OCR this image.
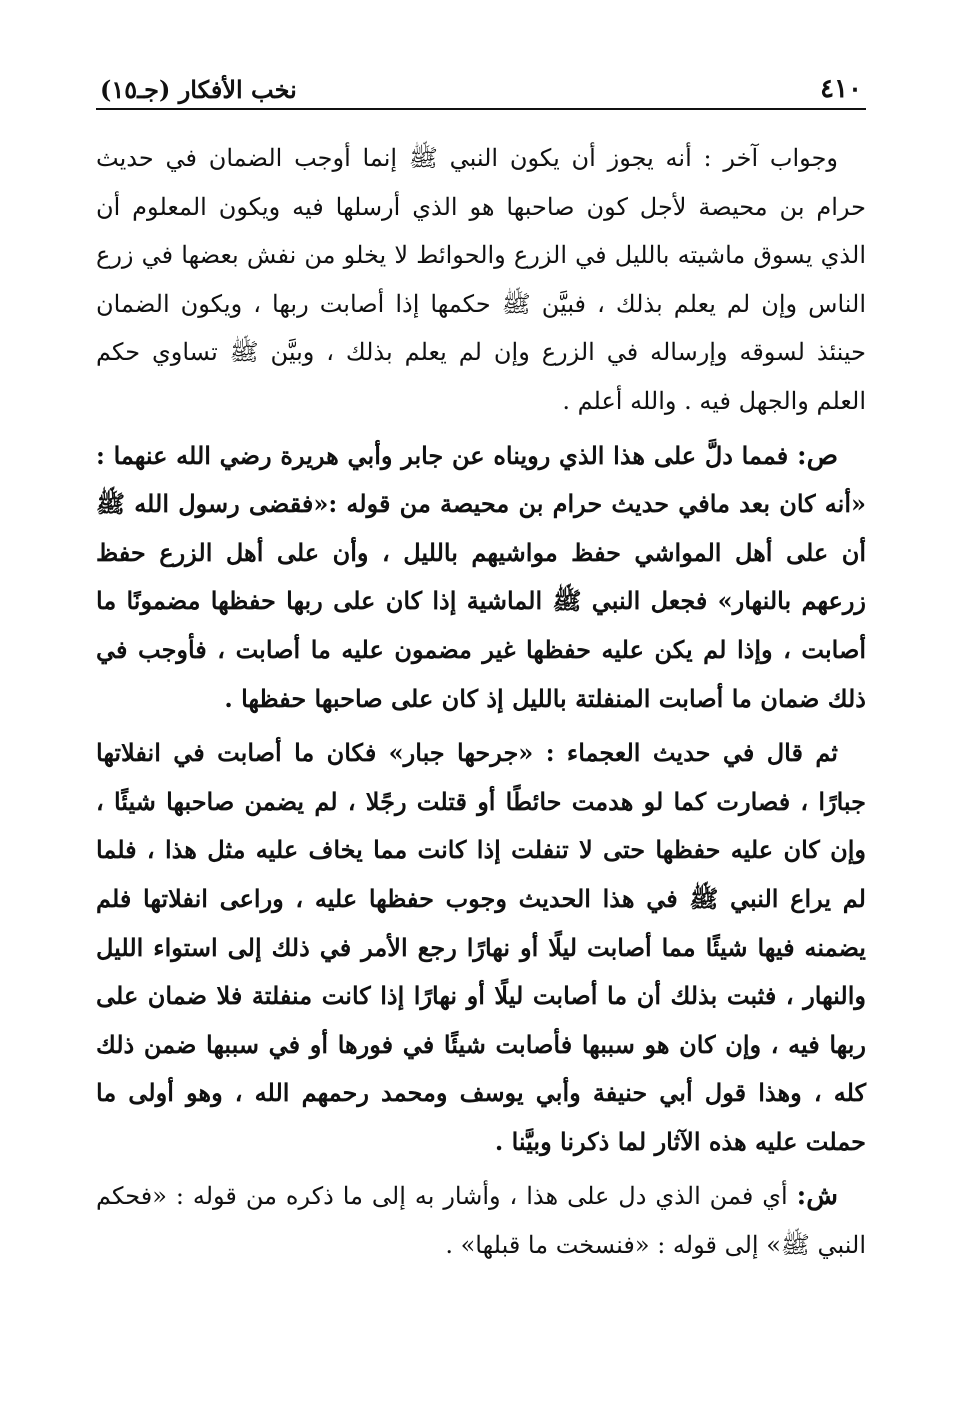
٤١٠
نخب الأفكار (جـ١٥)

وجواب آخر : أنه يجوز أن يكون النبي ﷺ إنما أوجب الضمان في حديث حرام بن محيصة لأجل كون صاحبها هو الذي أرسلها فيه ويكون المعلوم أن الذي يسوق ماشيته بالليل في الزرع والحوائط لا يخلو من نفش بعضها في زرع الناس وإن لم يعلم بذلك ، فبيَّن ﷺ حكمها إذا أصابت ربها ، ويكون الضمان حينئذ لسوقه وإرساله في الزرع وإن لم يعلم بذلك ، وبيَّن ﷺ تساوي حكم العلم والجهل فيه . والله أعلم .

ص: فمما دلَّ على هذا الذي رويناه عن جابر وأبي هريرة رضي الله عنهما : «أنه كان بعد مافي حديث حرام بن محيصة من قوله :«فقضى رسول الله ﷺ أن على أهل المواشي حفظ مواشيهم بالليل ، وأن على أهل الزرع حفظ زرعهم بالنهار» فجعل النبي ﷺ الماشية إذا كان على ربها حفظها مضمونًا ما أصابت ، وإذا لم يكن عليه حفظها غير مضمون عليه ما أصابت ، فأوجب في ذلك ضمان ما أصابت المنفلتة بالليل إذ كان على صاحبها حفظها .

ثم قال في حديث العجماء : «جرحها جبار» فكان ما أصابت في انفلاتها جبارًا ، فصارت كما لو هدمت حائطًا أو قتلت رجًلا ، لم يضمن صاحبها شيئًا ، وإن كان عليه حفظها حتى لا تنفلت إذا كانت مما يخاف عليه مثل هذا ، فلما لم يراع النبي ﷺ في هذا الحديث وجوب حفظها عليه ، وراعى انفلاتها فلم يضمنه فيها شيئًا مما أصابت ليلًا أو نهارًا رجع الأمر في ذلك إلى استواء الليل والنهار ، فثبت بذلك أن ما أصابت ليلًا أو نهارًا إذا كانت منفلتة فلا ضمان على ربها فيه ، وإن كان هو سببها فأصابت شيئًا في فورها أو في سببها ضمن ذلك كله ، وهذا قول أبي حنيفة وأبي يوسف ومحمد رحمهم الله ، وهو أولى ما حملت عليه هذه الآثار لما ذكرنا وبيَّنا .

ش: أي فمن الذي دل على هذا ، وأشار به إلى ما ذكره من قوله : «فحكم النبي ﷺ» إلى قوله : «فنسخت ما قبلها» .
